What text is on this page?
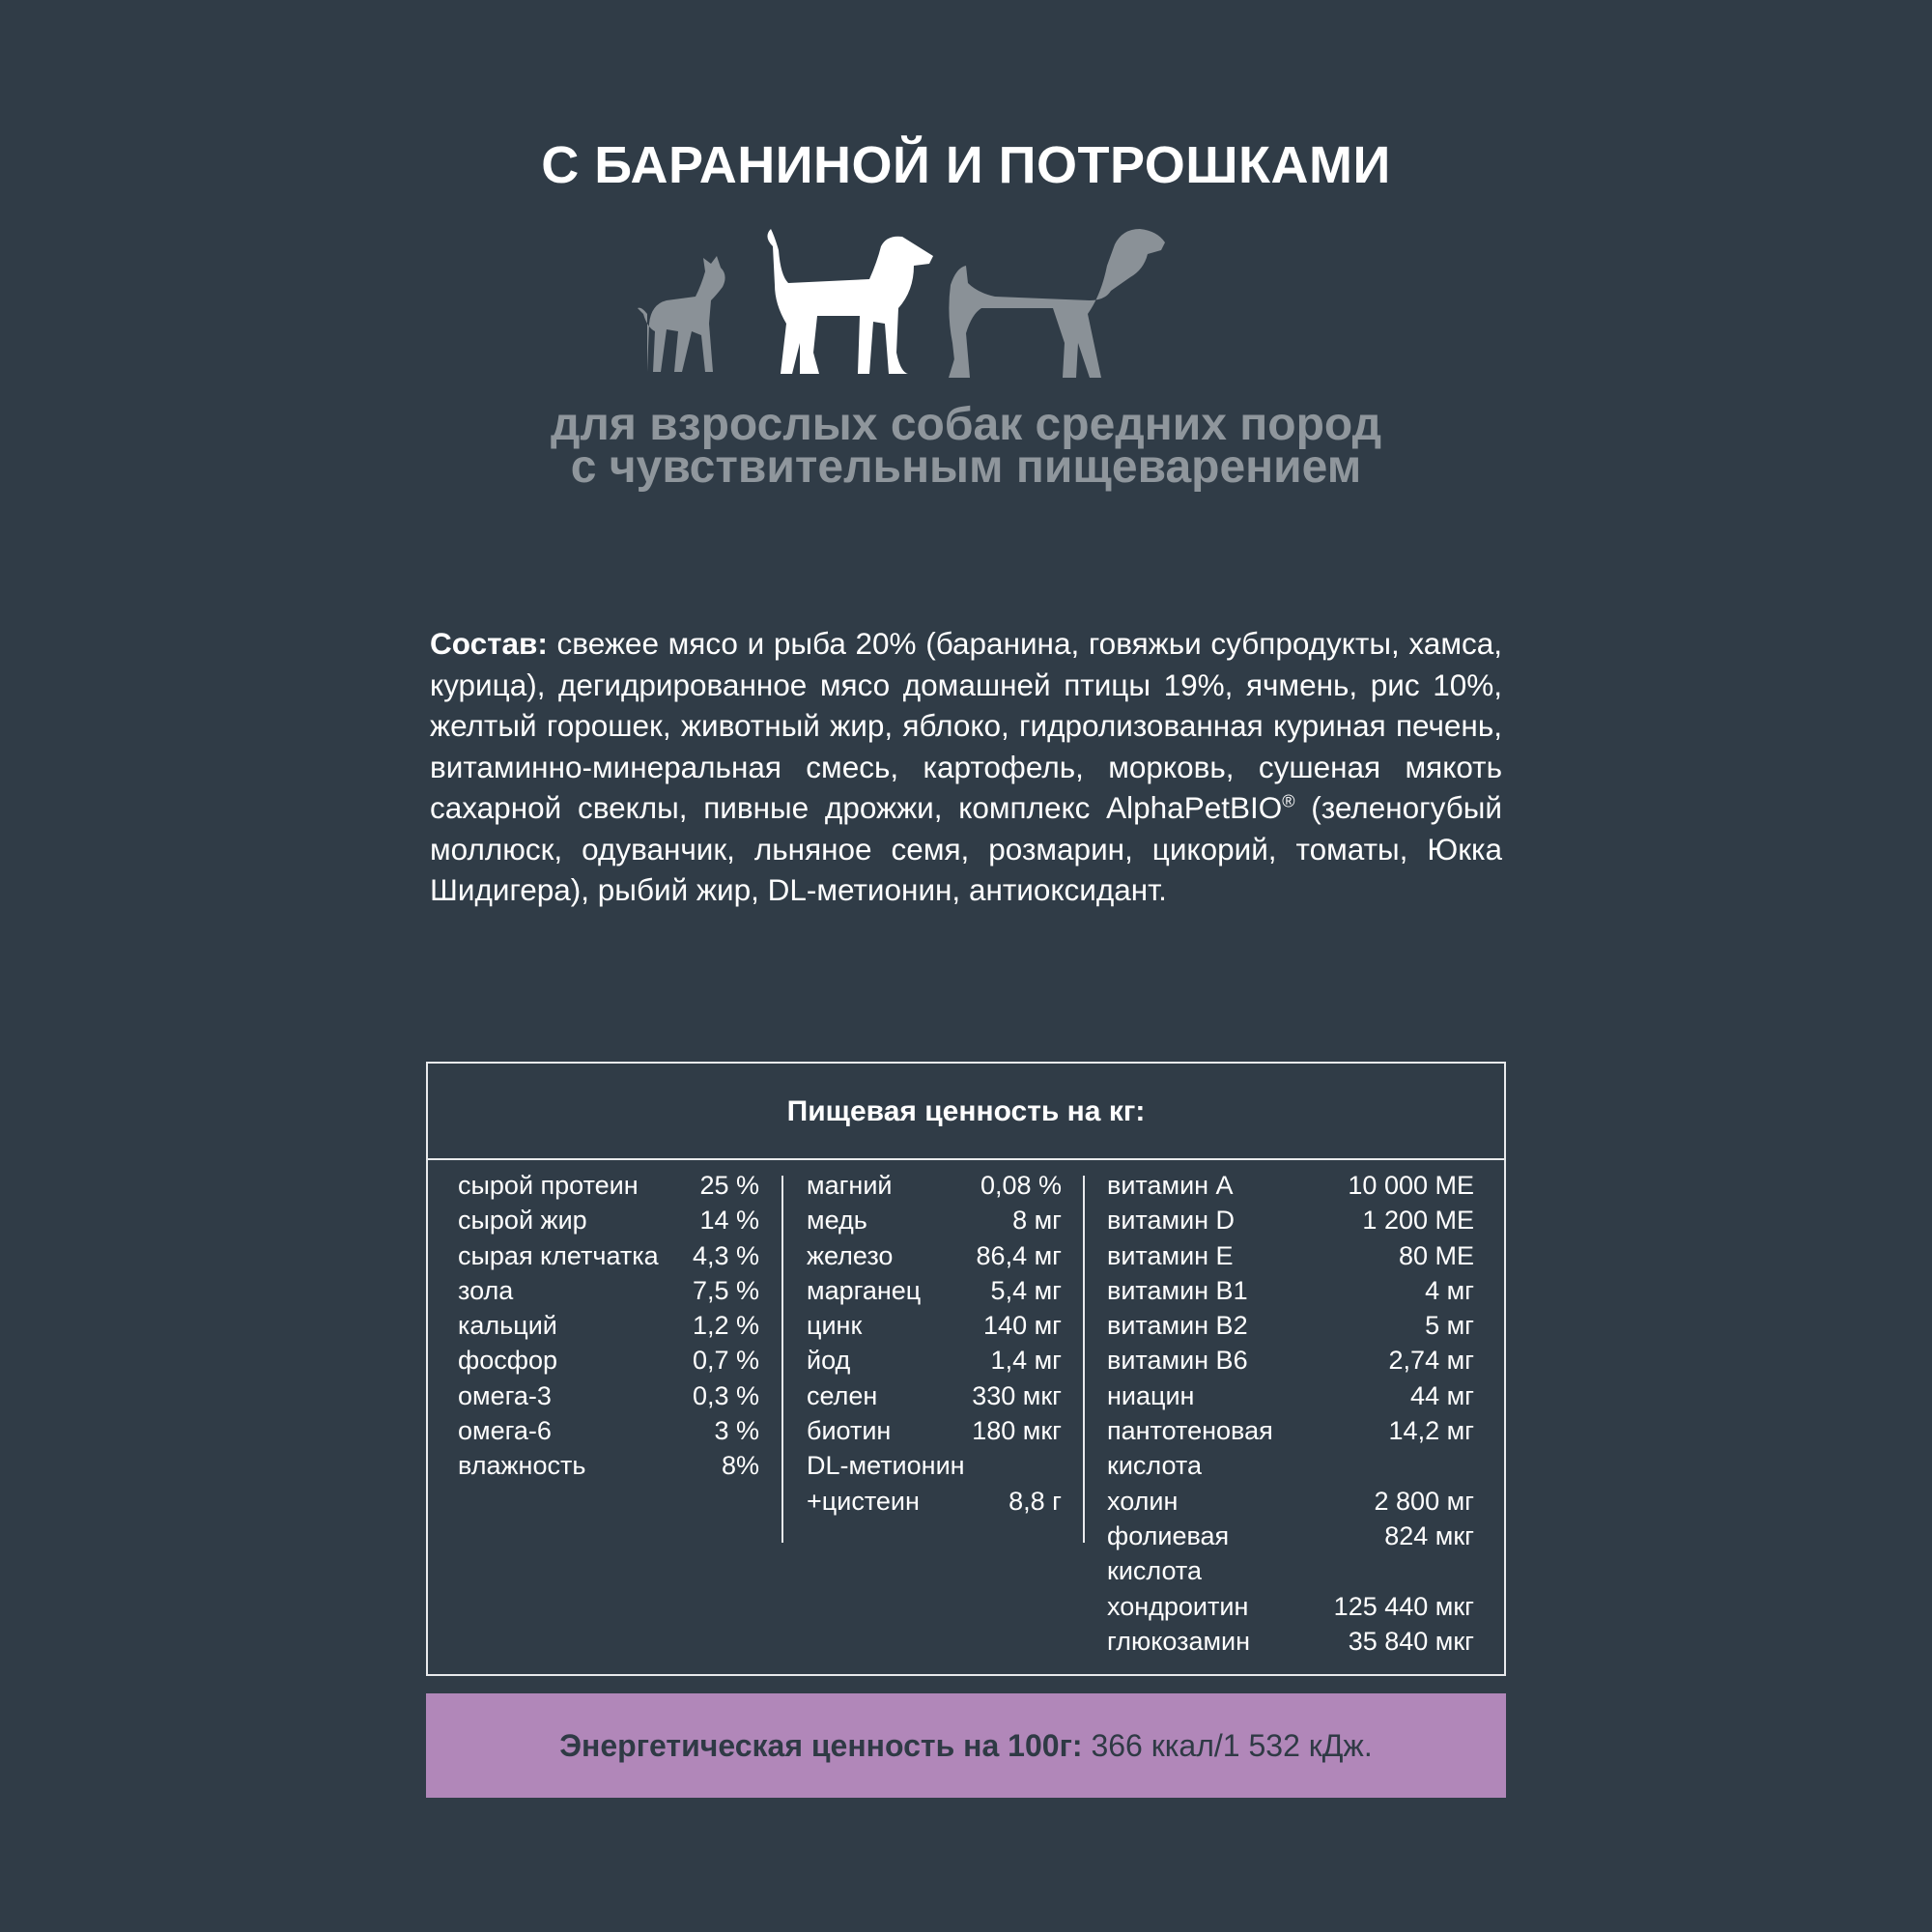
С БАРАНИНОЙ И ПОТРОШКАМИ
для взрослых собак средних пород
с чувствительным пищеварением
Состав: свежее мясо и рыба 20% (баранина, говяжьи субпродукты, хамса, курица), дегидрированное мясо домашней птицы 19%, ячмень, рис 10%, желтый горошек, животный жир, яблоко, гидролизованная куриная печень, витаминно-минеральная смесь, картофель, морковь, сушеная мякоть сахарной свеклы, пивные дрожжи, комплекс AlphaPetBIO® (зеленогубый моллюск, одуванчик, льняное семя, розмарин, цикорий, томаты, Юкка Шидигера), рыбий жир, DL-метионин, антиоксидант.
Пищевая ценность на кг:
сырой протеин 25 %
сырой жир	14 %
сырая клетчатка 4,3 %
зола	7,5 %
кальций	1,2 %
фосфор	0,7 %
омега-3	0,3 %
омега-6	3 %
влажность	8%
магний	0,08 %
медь	8 мг
железо	86,4 мг
марганец	5,4 мг
цинк	140 мг
йод	1,4 мг
селен	330 мкг
биотин	180 мкг
DL-метионин
+цистеин	8,8 г
витамин A	10 000 МЕ
витамин D	1 200 МЕ
витамин E	80 МЕ
витамин B1	4 мг
витамин B2	5 мг
витамин B6	2,74 мг
ниацин	44 мг
пантотеновая	14,2 мг
кислота
холин	2 800 мг
фолиевая	824 мкг
кислота
хондроитин	125 440 мкг
глюкозамин	35 840 мкг
Энергетическая ценность на 100г: 366 ккал/1 532 кДж.
